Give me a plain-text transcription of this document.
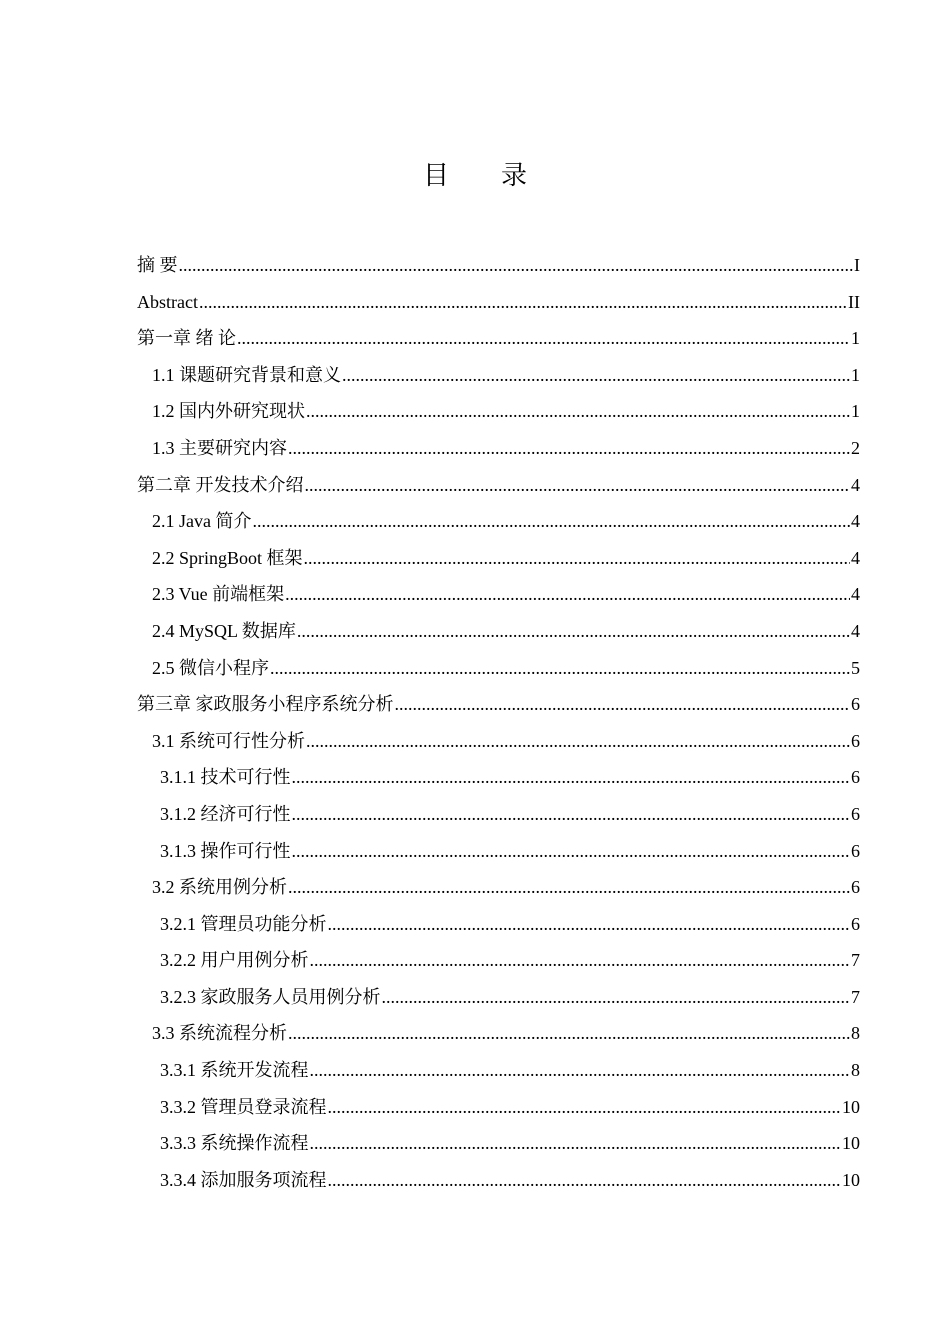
目　　录
摘 要 .....	I
Abstract .....	II
第一章 绪 论 .....	1
1.1 课题研究背景和意义 .....	1
1.2 国内外研究现状 .....	1
1.3 主要研究内容 .....	2
第二章 开发技术介绍 .....	4
2.1 Java 简介 .....	4
2.2 SpringBoot 框架 .....	4
2.3 Vue 前端框架 .....	4
2.4 MySQL 数据库 .....	4
2.5 微信小程序 .....	5
第三章 家政服务小程序系统分析 .....	6
3.1 系统可行性分析 .....	6
3.1.1 技术可行性 .....	6
3.1.2 经济可行性 .....	6
3.1.3 操作可行性 .....	6
3.2 系统用例分析 .....	6
3.2.1 管理员功能分析 .....	6
3.2.2 用户用例分析 .....	7
3.2.3 家政服务人员用例分析 .....	7
3.3 系统流程分析 .....	8
3.3.1 系统开发流程 .....	8
3.3.2 管理员登录流程 .....	10
3.3.3 系统操作流程 .....	10
3.3.4 添加服务项流程 .....	10
